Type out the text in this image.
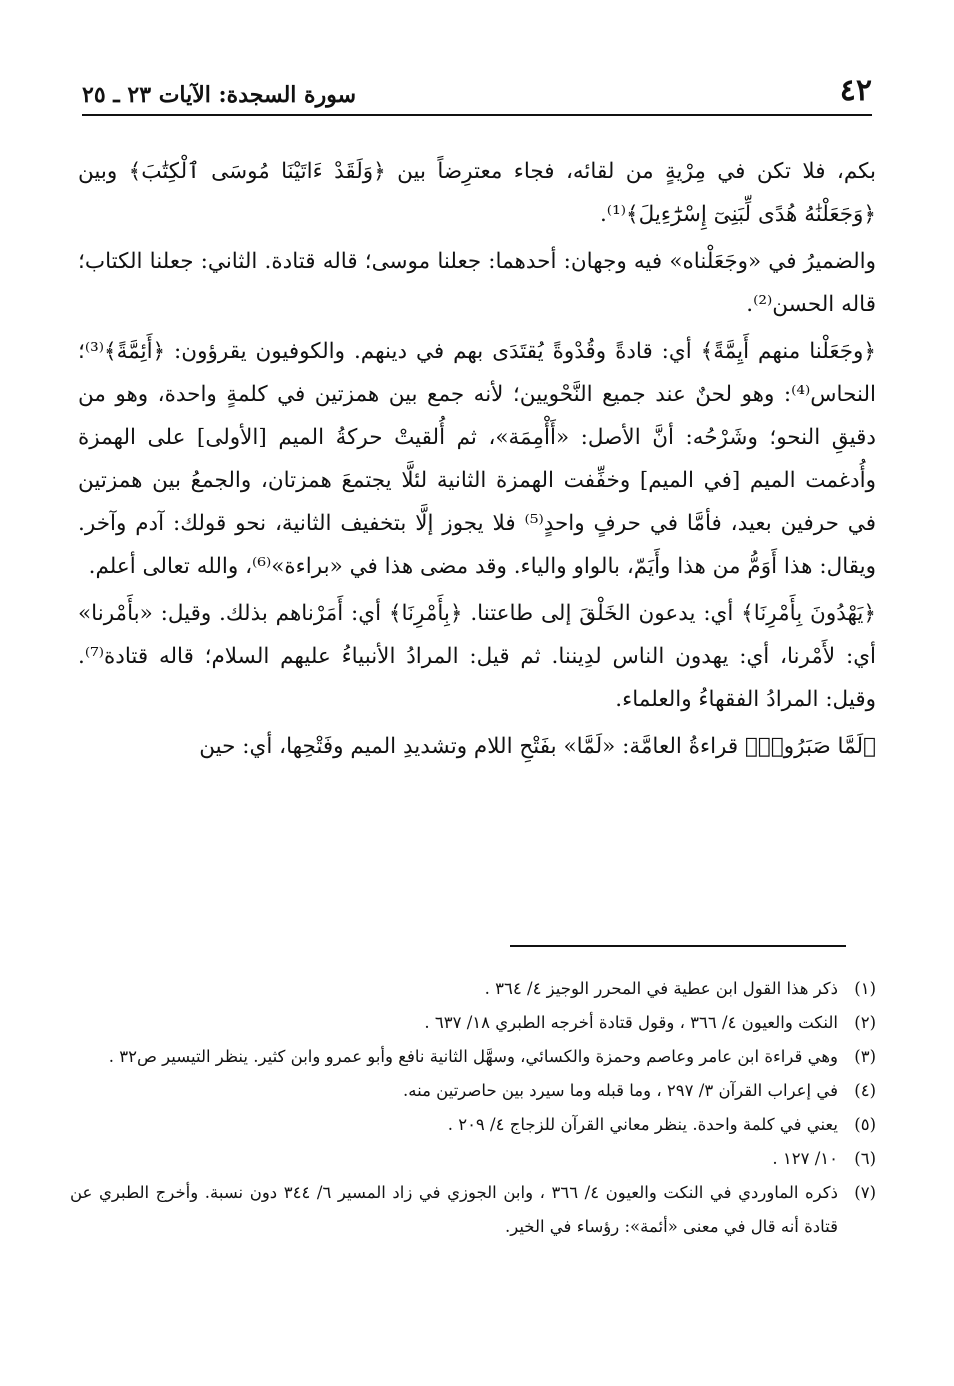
٤٢
سورة السجدة: الآيات ٢٣ ـ ٢٥

بكم، فلا تكن في مِرْيةٍ من لقائه، فجاء معترِضاً بين ﴿وَلَقَدْ ءَاتَيْنَا مُوسَى ٱلْكِتَٰبَ﴾ وبين ﴿وَجَعَلْنَٰهُ هُدًى لِّبَنِىٓ إِسْرَٰٓءِيلَ﴾⁽¹⁾.

والضميرُ في «وجَعَلْناه» فيه وجهان: أحدهما: جعلنا موسى؛ قاله قتادة. الثاني: جعلنا الكتاب؛ قاله الحسن⁽²⁾.

﴿وجَعَلْنا منهم أَيِمَّةً﴾ أي: قادةً وقُدْوةً يُقتَدَى بهم في دينهم. والكوفيون يقرؤون: ﴿أَئِمَّةً﴾⁽³⁾؛ النحاس⁽⁴⁾: وهو لحنٌ عند جميع النَّحْويين؛ لأنه جمع بين همزتين في كلمةٍ واحدة، وهو من دقيقِ النحو؛ وشَرْحُه: أنَّ الأصل: «أَأْمِمَة»، ثم أُلقيتْ حركةُ الميم [الأولى] على الهمزة وأُدغمت الميم [في الميم] وخفِّفت الهمزة الثانية لئلَّا يجتمعَ همزتان، والجمعُ بين همزتين في حرفين بعيد، فأمَّا في حرفٍ واحدٍ⁽⁵⁾ فلا يجوز إلَّا بتخفيف الثانية، نحو قولك: آدم وآخر. ويقال: هذا أَوَمُّ من هذا وأَيَمّ، بالواو والياء. وقد مضى هذا في «براءة»⁽⁶⁾، والله تعالى أعلم.

﴿يَهْدُونَ بِأَمْرِنَا﴾ أي: يدعون الخَلْقَ إلى طاعتنا. ﴿بِأَمْرِنَا﴾ أي: أَمَرْناهم بذلك. وقيل: «بأَمْرنا» أي: لأَمْرنا، أي: يهدون الناس لدِيننا. ثم قيل: المرادُ الأنبياءُ عليهم السلام؛ قاله قتادة⁽⁷⁾. وقيل: المرادُ الفقهاءُ والعلماء.

﴿لَمَّا صَبَرُوا۟﴾ قراءةُ العامَّة: «لَمَّا» بفَتْحِ اللام وتشديدِ الميم وفَتْحِها، أي: حين

(١)
ذكر هذا القول ابن عطية في المحرر الوجيز ٤/ ٣٦٤ .
(٢)
النكت والعيون ٤/ ٣٦٦ ، وقول قتادة أخرجه الطبري ١٨/ ٦٣٧ .
(٣)
وهي قراءة ابن عامر وعاصم وحمزة والكسائي، وسهَّل الثانية نافع وأبو عمرو وابن كثير. ينظر التيسير ص٣٢ .
(٤)
في إعراب القرآن ٣/ ٢٩٧ ، وما قبله وما سيرد بين حاصرتين منه.
(٥)
يعني في كلمة واحدة. ينظر معاني القرآن للزجاج ٤/ ٢٠٩ .
(٦)
١٠/ ١٢٧ .
(٧)
ذكره الماوردي في النكت والعيون ٤/ ٣٦٦ ، وابن الجوزي في زاد المسير ٦/ ٣٤٤ دون نسبة. وأخرج الطبري عن قتادة أنه قال في معنى «أئمة»: رؤساء في الخير.
